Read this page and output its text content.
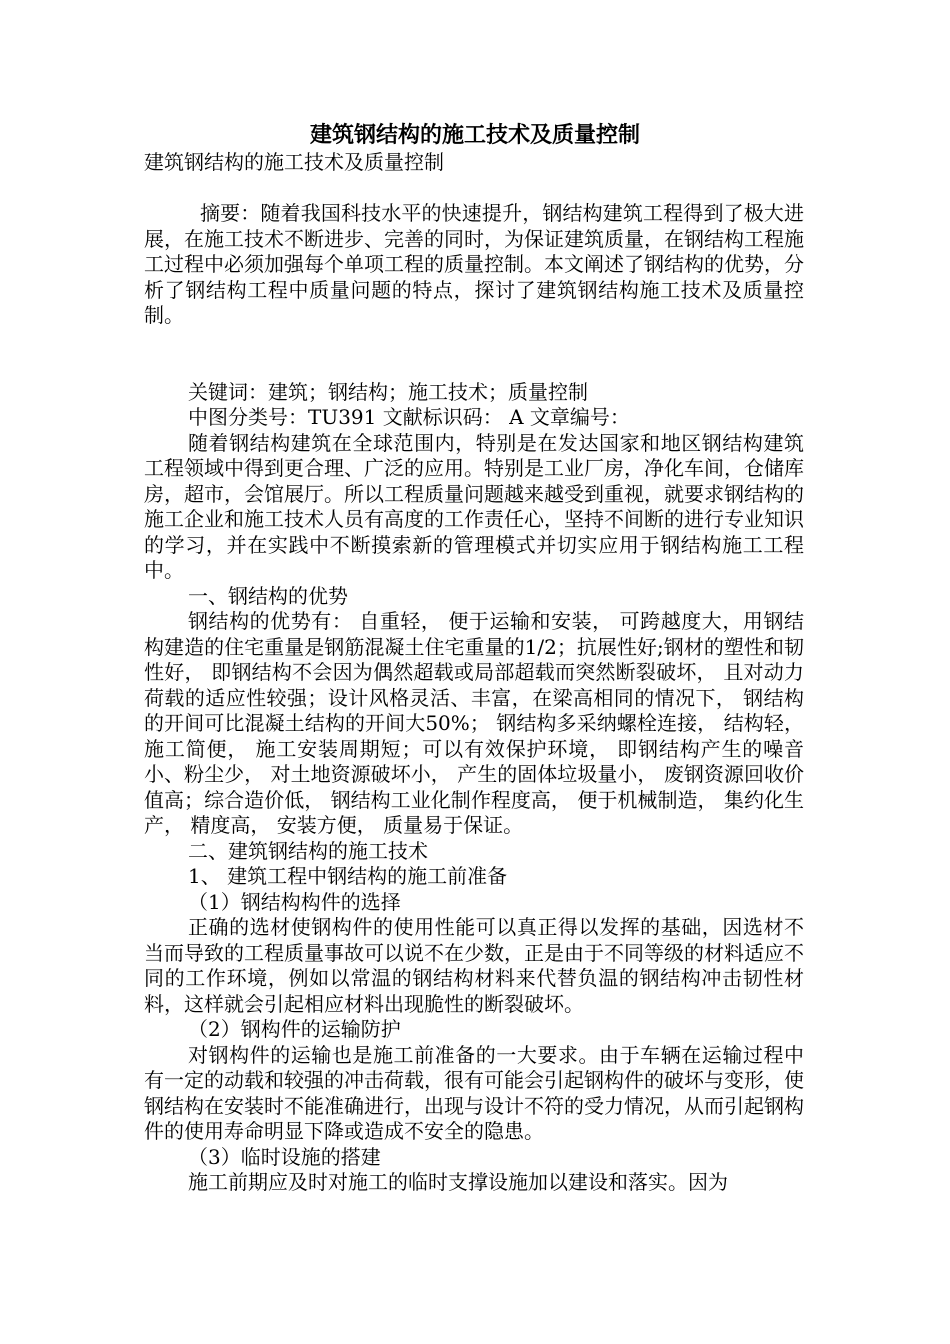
建筑钢结构的施工技术及质量控制

建筑钢结构的施工技术及质量控制

摘要：随着我国科技水平的快速提升，钢结构建筑工程得到了极大进展，在施工技术不断进步、完善的同时，为保证建筑质量，在钢结构工程施工过程中必须加强每个单项工程的质量控制。本文阐述了钢结构的优势，分析了钢结构工程中质量问题的特点，探讨了建筑钢结构施工技术及质量控制。

关键词：建筑；钢结构；施工技术；质量控制

中图分类号：TU391 文献标识码： A 文章编号：

随着钢结构建筑在全球范围内，特别是在发达国家和地区钢结构建筑工程领域中得到更合理、广泛的应用。特别是工业厂房，净化车间，仓储库房，超市，会馆展厅。所以工程质量问题越来越受到重视，就要求钢结构的施工企业和施工技术人员有高度的工作责任心，坚持不间断的进行专业知识的学习，并在实践中不断摸索新的管理模式并切实应用于钢结构施工工程中。

一、钢结构的优势

钢结构的优势有： 自重轻， 便于运输和安装， 可跨越度大，用钢结构建造的住宅重量是钢筋混凝土住宅重量的1/2；抗展性好;钢材的塑性和韧性好， 即钢结构不会因为偶然超载或局部超载而突然断裂破坏， 且对动力荷载的适应性较强；设计风格灵活、丰富，在梁高相同的情况下， 钢结构的开间可比混凝土结构的开间大50%； 钢结构多采纳螺栓连接， 结构轻，施工简便， 施工安装周期短；可以有效保护环境， 即钢结构产生的噪音小、粉尘少， 对土地资源破坏小， 产生的固体垃圾量小， 废钢资源回收价值高；综合造价低， 钢结构工业化制作程度高， 便于机械制造， 集约化生产， 精度高， 安装方便， 质量易于保证。

二、建筑钢结构的施工技术

1、 建筑工程中钢结构的施工前准备

（1）钢结构构件的选择

正确的选材使钢构件的使用性能可以真正得以发挥的基础，因选材不当而导致的工程质量事故可以说不在少数，正是由于不同等级的材料适应不同的工作环境，例如以常温的钢结构材料来代替负温的钢结构冲击韧性材料，这样就会引起相应材料出现脆性的断裂破坏。

（2）钢构件的运输防护

对钢构件的运输也是施工前准备的一大要求。由于车辆在运输过程中有一定的动载和较强的冲击荷载，很有可能会引起钢构件的破坏与变形，使钢结构在安装时不能准确进行，出现与设计不符的受力情况，从而引起钢构件的使用寿命明显下降或造成不安全的隐患。

（3）临时设施的搭建

施工前期应及时对施工的临时支撑设施加以建设和落实。因为
